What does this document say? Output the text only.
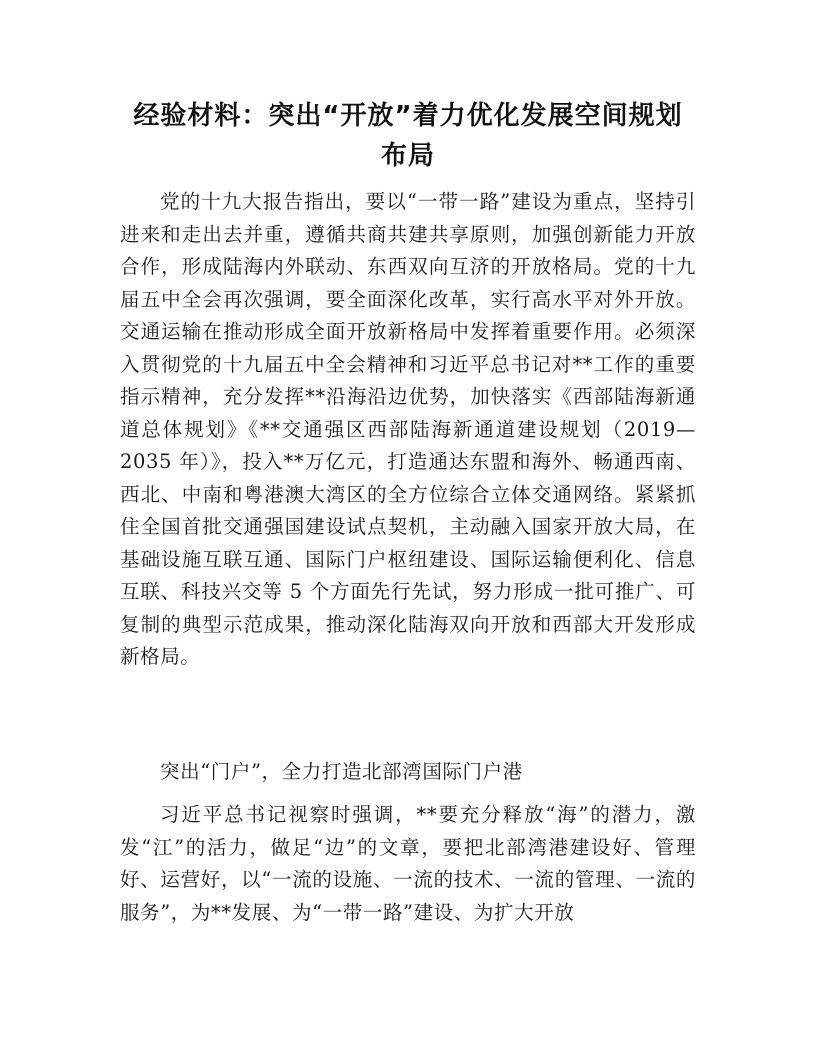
经验材料：突出“开放”着力优化发展空间规划布局

党的十九大报告指出，要以“一带一路”建设为重点，坚持引进来和走出去并重，遵循共商共建共享原则，加强创新能力开放合作，形成陆海内外联动、东西双向互济的开放格局。党的十九届五中全会再次强调，要全面深化改革，实行高水平对外开放。交通运输在推动形成全面开放新格局中发挥着重要作用。必须深入贯彻党的十九届五中全会精神和习近平总书记对**工作的重要指示精神，充分发挥**沿海沿边优势，加快落实《西部陆海新通道总体规划》《**交通强区西部陆海新通道建设规划（2019—2035 年）》，投入**万亿元，打造通达东盟和海外、畅通西南、西北、中南和粤港澳大湾区的全方位综合立体交通网络。紧紧抓住全国首批交通强国建设试点契机，主动融入国家开放大局，在基础设施互联互通、国际门户枢纽建设、国际运输便利化、信息互联、科技兴交等 5 个方面先行先试，努力形成一批可推广、可复制的典型示范成果，推动深化陆海双向开放和西部大开发形成新格局。

突出“门户”，全力打造北部湾国际门户港

习近平总书记视察时强调，**要充分释放“海”的潜力，激发“江”的活力，做足“边”的文章，要把北部湾港建设好、管理好、运营好，以“一流的设施、一流的技术、一流的管理、一流的服务”，为**发展、为“一带一路”建设、为扩大开放
